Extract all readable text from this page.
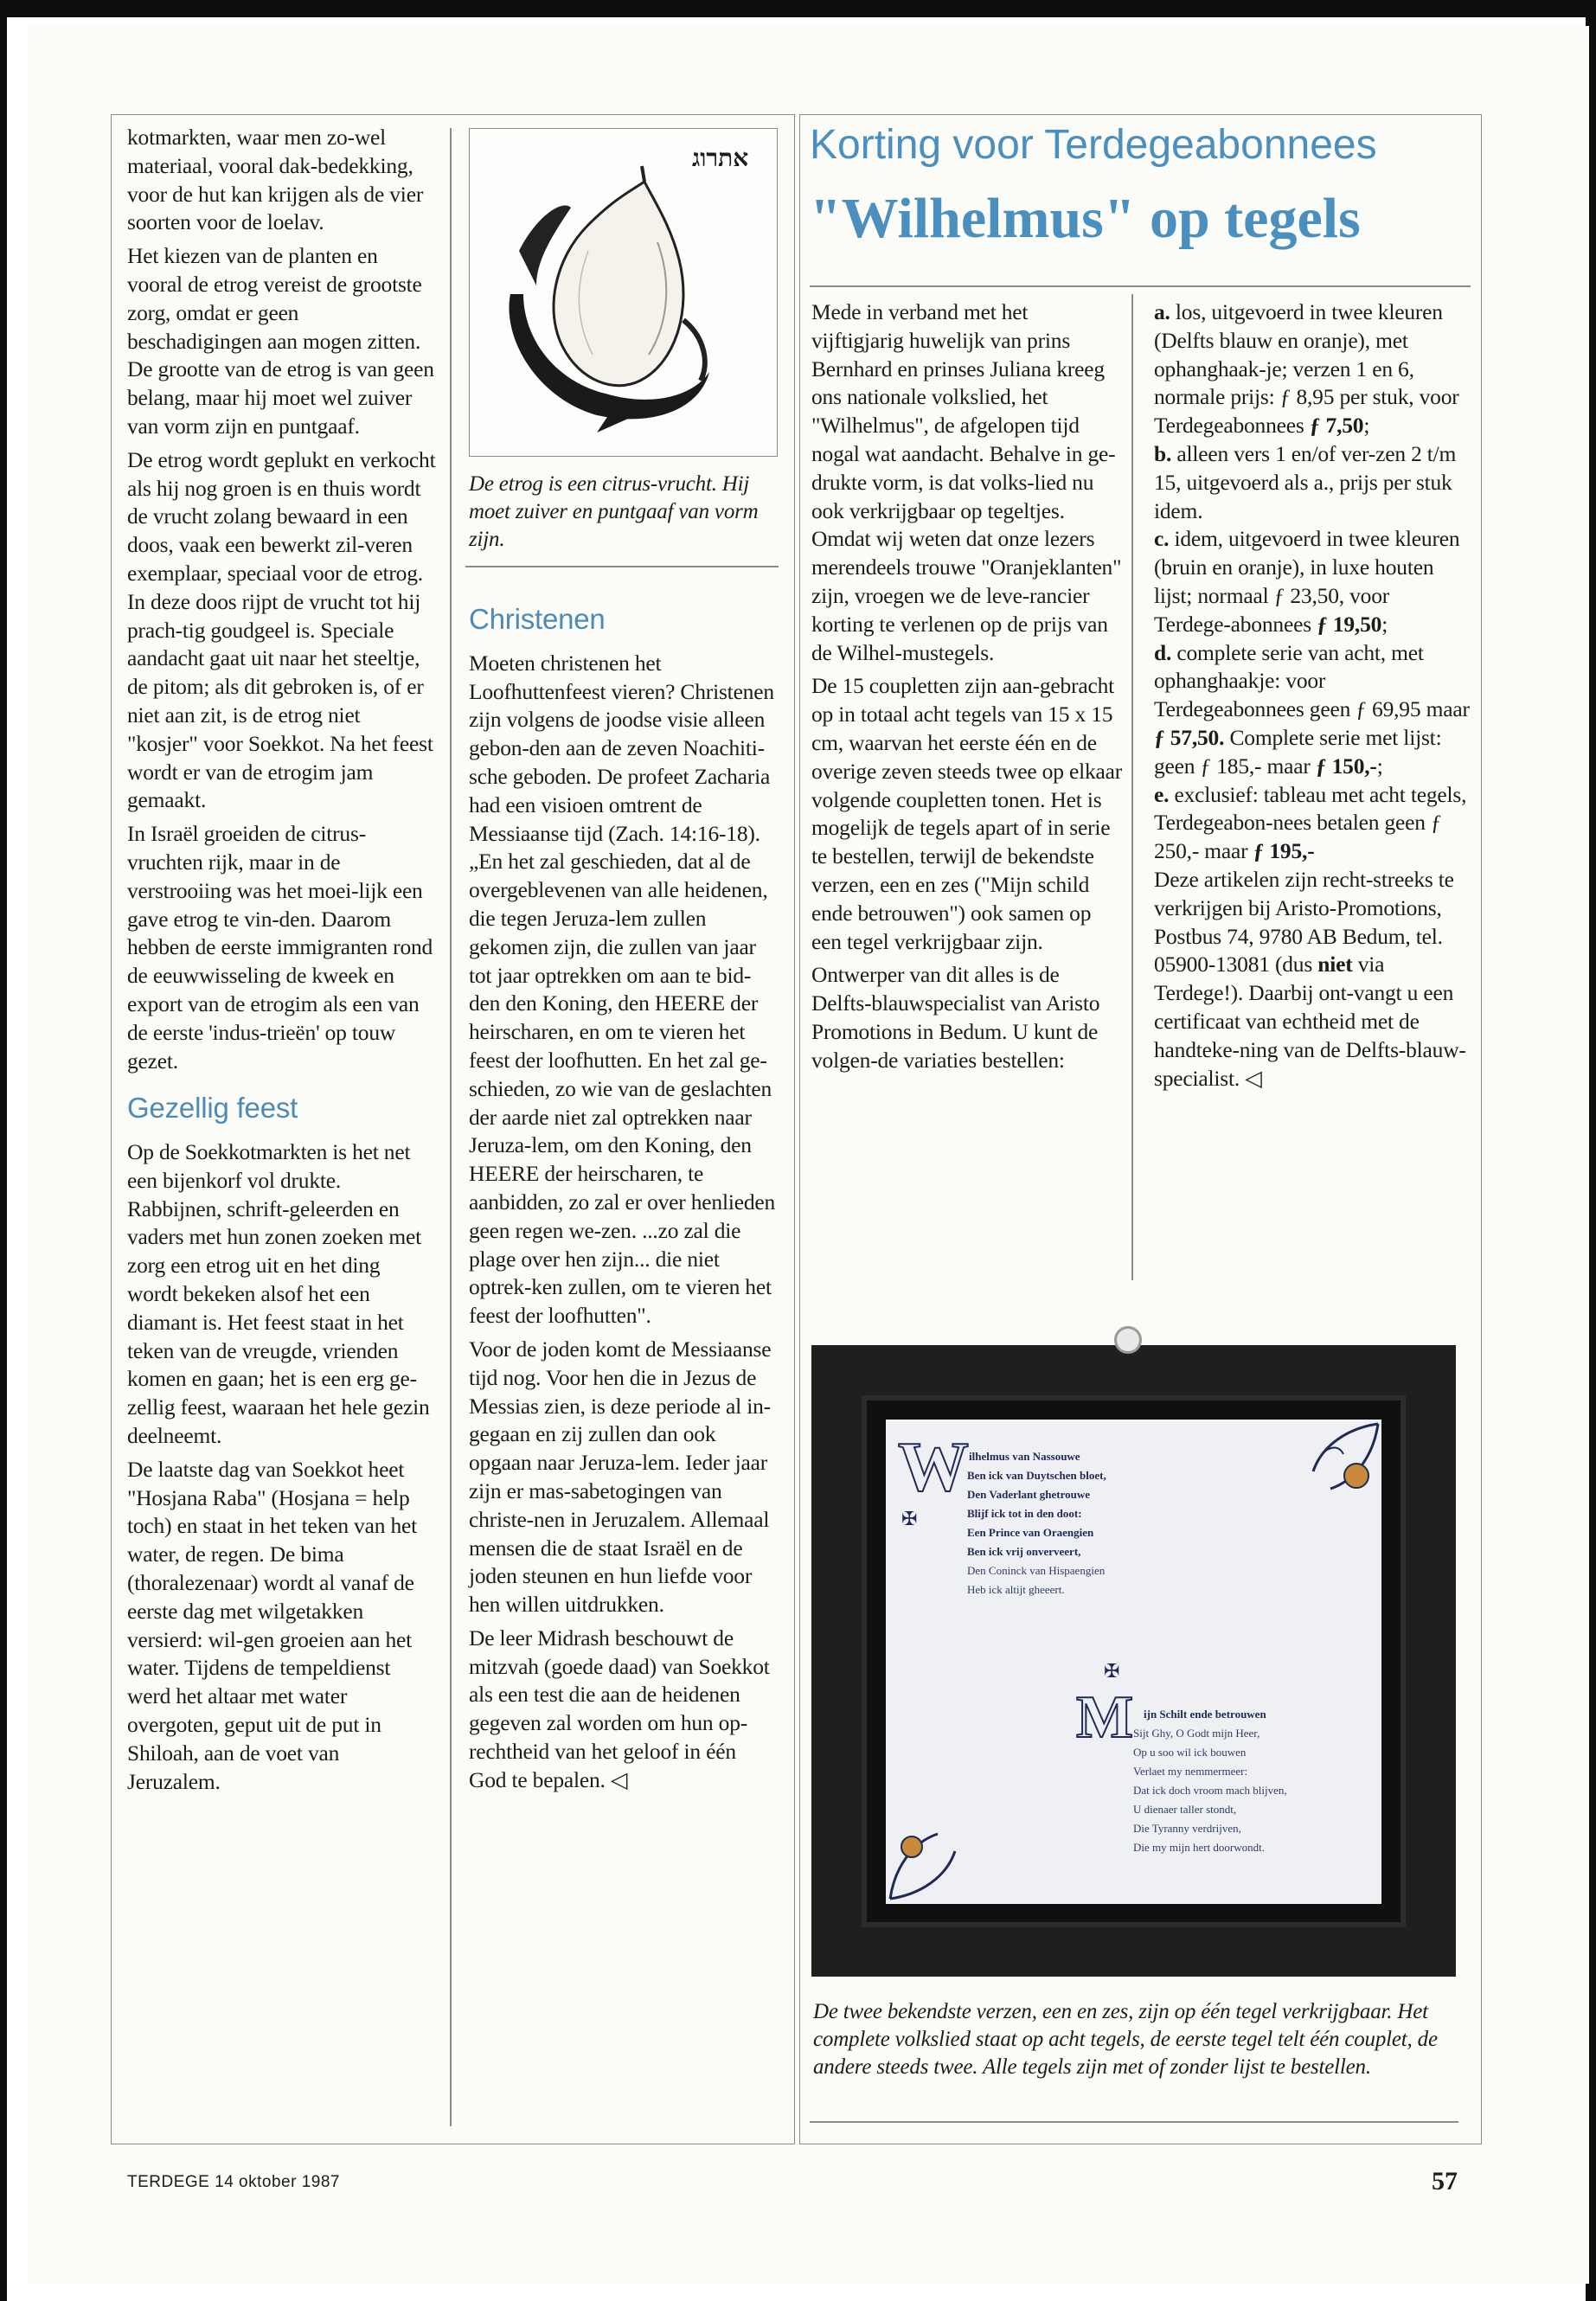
kotmarkten, waar men zo-wel materiaal, vooral dak-bedekking, voor de hut kan krijgen als de vier soorten voor de loelav.

Het kiezen van de planten en vooral de etrog vereist de grootste zorg, omdat er geen beschadigingen aan mogen zitten. De grootte van de etrog is van geen belang, maar hij moet wel zuiver van vorm zijn en puntgaaf.

De etrog wordt geplukt en verkocht als hij nog groen is en thuis wordt de vrucht zolang bewaard in een doos, vaak een bewerkt zil-veren exemplaar, speciaal voor de etrog. In deze doos rijpt de vrucht tot hij prach-tig goudgeel is. Speciale aandacht gaat uit naar het steeltje, de pitom; als dit gebroken is, of er niet aan zit, is de etrog niet "kosjer" voor Soekkot. Na het feest wordt er van de etrogim jam gemaakt.

In Israël groeiden de citrus-vruchten rijk, maar in de verstrooiing was het moei-lijk een gave etrog te vin-den. Daarom hebben de eerste immigranten rond de eeuwwisseling de kweek en export van de etrogim als een van de eerste 'indus-trieën' op touw gezet.

Gezellig feest

Op de Soekkotmarkten is het net een bijenkorf vol drukte. Rabbijnen, schrift-geleerden en vaders met hun zonen zoeken met zorg een etrog uit en het ding wordt bekeken alsof het een diamant is. Het feest staat in het teken van de vreugde, vrienden komen en gaan; het is een erg ge-zellig feest, waaraan het hele gezin deelneemt.

De laatste dag van Soekkot heet "Hosjana Raba" (Hosjana = help toch) en staat in het teken van het water, de regen. De bima (thoralezenaar) wordt al vanaf de eerste dag met wilgetakken versierd: wil-gen groeien aan het water. Tijdens de tempeldienst werd het altaar met water overgoten, geput uit de put in Shiloah, aan de voet van Jeruzalem.

אתרוג
De etrog is een citrus-vrucht. Hij moet zuiver en puntgaaf van vorm zijn.
Christenen

Moeten christenen het Loofhuttenfeest vieren? Christenen zijn volgens de joodse visie alleen gebon-den aan de zeven Noachiti-sche geboden. De profeet Zacharia had een visioen omtrent de Messiaanse tijd (Zach. 14:16-18). „En het zal geschieden, dat al de overgeblevenen van alle heidenen, die tegen Jeruza-lem zullen gekomen zijn, die zullen van jaar tot jaar optrekken om aan te bid-den den Koning, den HEERE der heirscharen, en om te vieren het feest der loofhutten. En het zal ge-schieden, zo wie van de geslachten der aarde niet zal optrekken naar Jeruza-lem, om den Koning, den HEERE der heirscharen, te aanbidden, zo zal er over henlieden geen regen we-zen. ...zo zal die plage over hen zijn... die niet optrek-ken zullen, om te vieren het feest der loofhutten".

Voor de joden komt de Messiaanse tijd nog. Voor hen die in Jezus de Messias zien, is deze periode al in-gegaan en zij zullen dan ook opgaan naar Jeruza-lem. Ieder jaar zijn er mas-sabetogingen van christe-nen in Jeruzalem. Allemaal mensen die de staat Israël en de joden steunen en hun liefde voor hen willen uitdrukken.

De leer Midrash beschouwt de mitzvah (goede daad) van Soekkot als een test die aan de heidenen gegeven zal worden om hun op-rechtheid van het geloof in één God te bepalen. ◁

Korting voor Terdegeabonnees
"Wilhelmus" op tegels

Mede in verband met het vijftigjarig huwelijk van prins Bernhard en prinses Juliana kreeg ons nationale volkslied, het "Wilhelmus", de afgelopen tijd nogal wat aandacht. Behalve in ge-drukte vorm, is dat volks-lied nu ook verkrijgbaar op tegeltjes. Omdat wij weten dat onze lezers merendeels trouwe "Oranjeklanten" zijn, vroegen we de leve-rancier korting te verlenen op de prijs van de Wilhel-mustegels.

De 15 coupletten zijn aan-gebracht op in totaal acht tegels van 15 x 15 cm, waarvan het eerste één en de overige zeven steeds twee op elkaar volgende coupletten tonen. Het is mogelijk de tegels apart of in serie te bestellen, terwijl de bekendste verzen, een en zes ("Mijn schild ende betrouwen") ook samen op een tegel verkrijgbaar zijn.

Ontwerper van dit alles is de Delfts-blauwspecialist van Aristo Promotions in Bedum. U kunt de volgen-de variaties bestellen:

a. los, uitgevoerd in twee kleuren (Delfts blauw en oranje), met ophanghaak-je; verzen 1 en 6, normale prijs: ƒ 8,95 per stuk, voor Terdegeabonnees ƒ 7,50;

b. alleen vers 1 en/of ver-zen 2 t/m 15, uitgevoerd als a., prijs per stuk idem.

c. idem, uitgevoerd in twee kleuren (bruin en oranje), in luxe houten lijst; normaal ƒ 23,50, voor Terdege-abonnees ƒ 19,50;

d. complete serie van acht, met ophanghaakje: voor Terdegeabonnees geen ƒ 69,95 maar ƒ 57,50. Complete serie met lijst: geen ƒ 185,- maar ƒ 150,-;

e. exclusief: tableau met acht tegels, Terdegeabon-nees betalen geen ƒ 250,- maar ƒ 195,-

Deze artikelen zijn recht-streeks te verkrijgen bij Aristo-Promotions, Postbus 74, 9780 AB Bedum, tel. 05900-13081 (dus niet via Terdege!). Daarbij ont-vangt u een certificaat van echtheid met de handteke-ning van de Delfts-blauw-specialist. ◁

W
✠
ilhelmus van Nassouwe
Ben ick van Duytschen bloet,
Den Vaderlant ghetrouwe
Blijf ick tot in den doot:
Een Prince van Oraengien
Ben ick vrij onverveert,
Den Coninck van Hispaengien
Heb ick altijt gheeert.
✠
M ijn Schilt ende betrouwen
Sijt Ghy, O Godt mijn Heer,
Op u soo wil ick bouwen
Verlaet my nemmermeer:
Dat ick doch vroom mach blijven,
U dienaer taller stondt,
Die Tyranny verdrijven,
Die my mijn hert doorwondt.
De twee bekendste verzen, een en zes, zijn op één tegel verkrijgbaar. Het complete volkslied staat op acht tegels, de eerste tegel telt één couplet, de andere steeds twee. Alle tegels zijn met of zonder lijst te bestellen.
TERDEGE 14 oktober 1987	57
